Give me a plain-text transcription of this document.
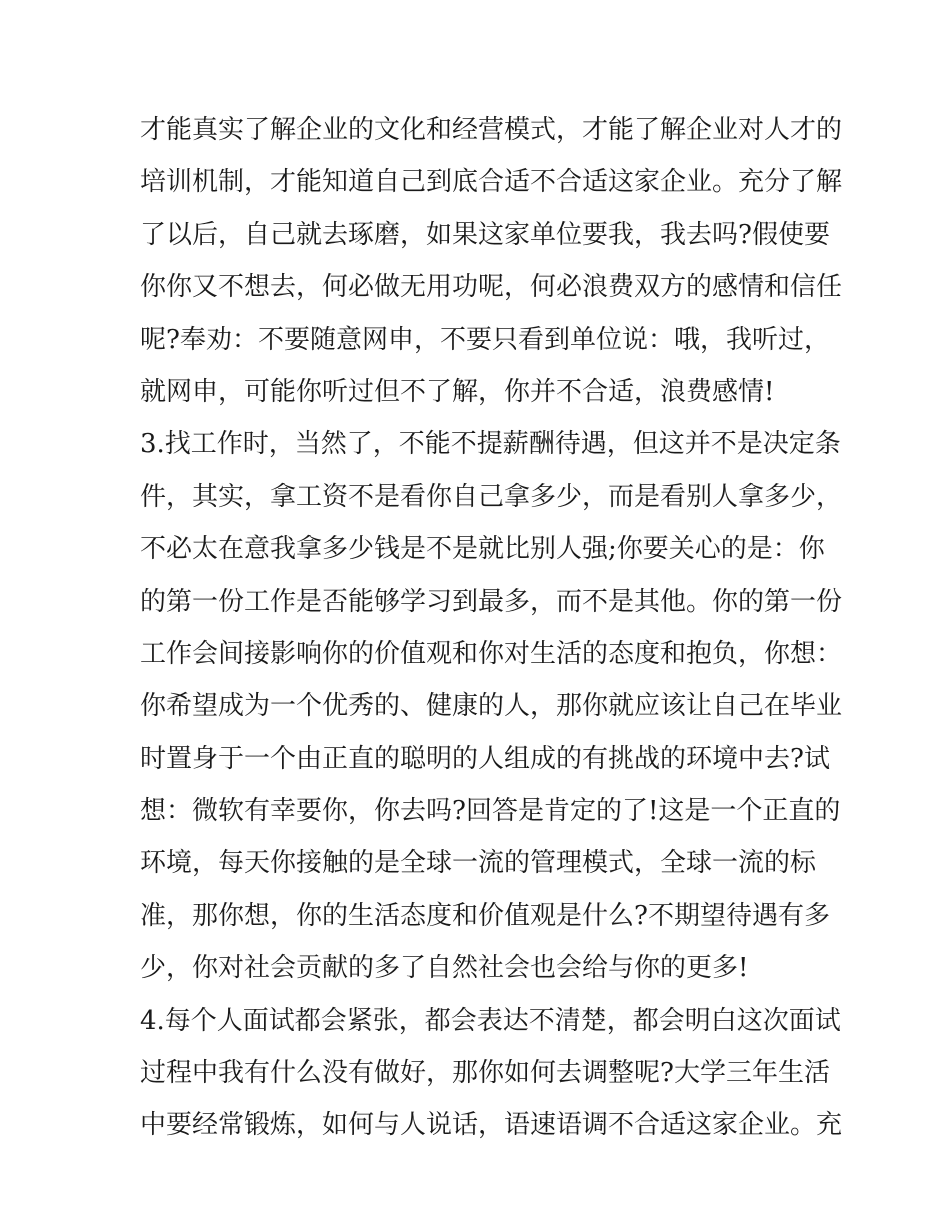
才能真实了解企业的文化和经营模式，才能了解企业对人才的
培训机制，才能知道自己到底合适不合适这家企业。充分了解
了以后，自己就去琢磨，如果这家单位要我，我去吗?假使要
你你又不想去，何必做无用功呢，何必浪费双方的感情和信任
呢?奉劝：不要随意网申，不要只看到单位说：哦，我听过，
就网申，可能你听过但不了解，你并不合适，浪费感情!
3.找工作时，当然了，不能不提薪酬待遇，但这并不是决定条
件，其实，拿工资不是看你自己拿多少，而是看别人拿多少，
不必太在意我拿多少钱是不是就比别人强;你要关心的是：你
的第一份工作是否能够学习到最多，而不是其他。你的第一份
工作会间接影响你的价值观和你对生活的态度和抱负，你想：
你希望成为一个优秀的、健康的人，那你就应该让自己在毕业
时置身于一个由正直的聪明的人组成的有挑战的环境中去?试
想：微软有幸要你，你去吗?回答是肯定的了!这是一个正直的
环境，每天你接触的是全球一流的管理模式，全球一流的标
准，那你想，你的生活态度和价值观是什么?不期望待遇有多
少，你对社会贡献的多了自然社会也会给与你的更多!
4.每个人面试都会紧张，都会表达不清楚，都会明白这次面试
过程中我有什么没有做好，那你如何去调整呢?大学三年生活
中要经常锻炼，如何与人说话，语速语调不合适这家企业。充
